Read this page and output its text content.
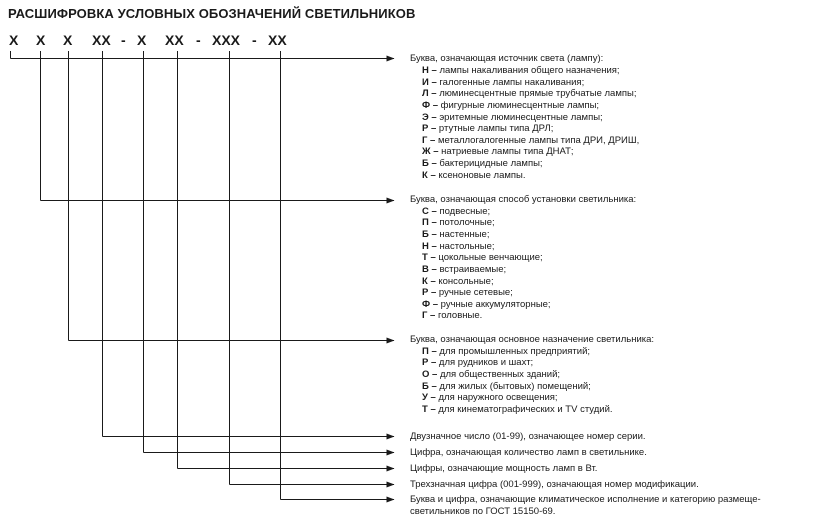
РАСШИФРОВКА УСЛОВНЫХ ОБОЗНАЧЕНИЙ СВЕТИЛЬНИКОВ
X X X XX - X XX - XXX - XX
Буква, означающая источник света (лампу):
Н – лампы накаливания общего назначения;
И – галогенные лампы накаливания;
Л – люминесцентные прямые трубчатые лампы;
Ф – фигурные люминесцентные лампы;
Э – эритемные люминесцентные лампы;
Р – ртутные лампы типа ДРЛ;
Г – металлогалогенные лампы типа ДРИ, ДРИШ,
Ж – натриевые лампы типа ДНАТ;
Б – бактерицидные лампы;
К – ксеноновые лампы.
Буква, означающая способ установки светильника:
С – подвесные;
П – потолочные;
Б – настенные;
Н – настольные;
Т – цокольные венчающие;
В – встраиваемые;
К – консольные;
Р – ручные сетевые;
Ф – ручные аккумуляторные;
Г – головные.
Буква, означающая основное назначение светильника:
П – для промышленных предприятий;
Р – для рудников и шахт;
О – для общественных зданий;
Б – для жилых (бытовых) помещений;
У – для наружного освещения;
Т – для кинематографических и TV студий.
Двузначное число (01-99), означающее номер серии.
Цифра, означающая количество ламп в светильнике.
Цифры, означающие мощность ламп в Вт.
Трехзначная цифра (001-999), означающая номер модификации.
Буква и цифра, означающие климатическое исполнение и категорию размеще-
светильников по ГОСТ 15150-69.
